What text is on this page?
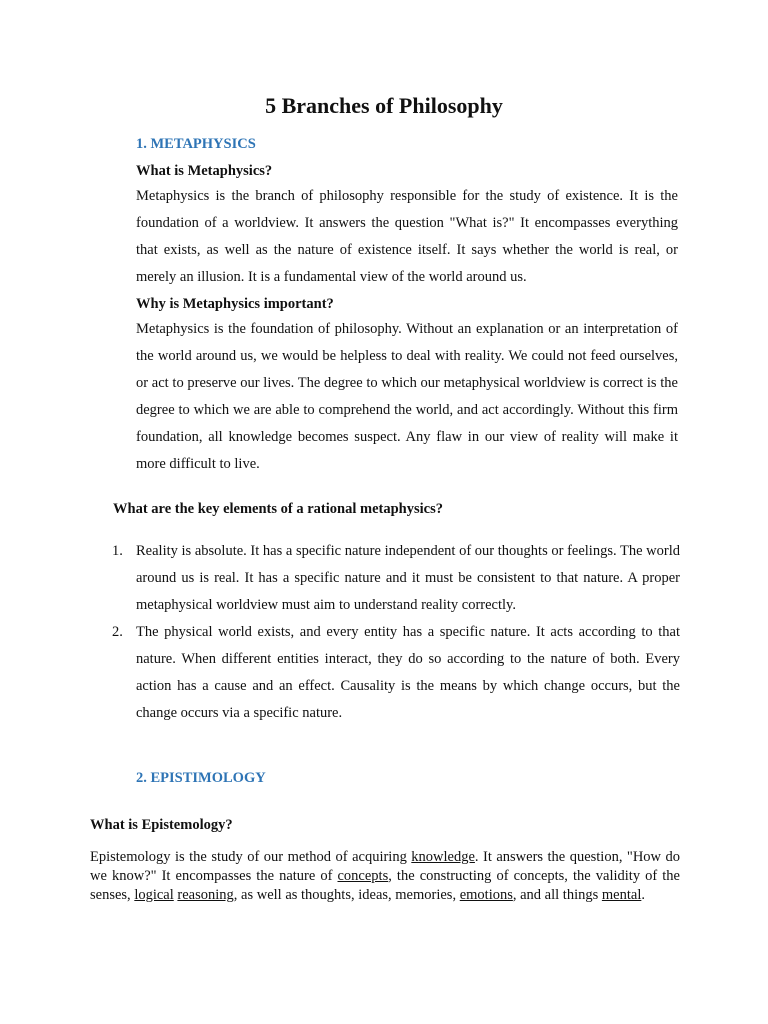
5 Branches of Philosophy
1. METAPHYSICS
What is Metaphysics?
Metaphysics is the branch of philosophy responsible for the study of existence. It is the foundation of a worldview. It answers the question "What is?" It encompasses everything that exists, as well as the nature of existence itself. It says whether the world is real, or merely an illusion. It is a fundamental view of the world around us.
Why is Metaphysics important?
Metaphysics is the foundation of philosophy. Without an explanation or an interpretation of the world around us, we would be helpless to deal with reality. We could not feed ourselves, or act to preserve our lives. The degree to which our metaphysical worldview is correct is the degree to which we are able to comprehend the world, and act accordingly. Without this firm foundation, all knowledge becomes suspect. Any flaw in our view of reality will make it more difficult to live.
What are the key elements of a rational metaphysics?
1. Reality is absolute. It has a specific nature independent of our thoughts or feelings. The world around us is real. It has a specific nature and it must be consistent to that nature. A proper metaphysical worldview must aim to understand reality correctly.
2. The physical world exists, and every entity has a specific nature. It acts according to that nature. When different entities interact, they do so according to the nature of both. Every action has a cause and an effect. Causality is the means by which change occurs, but the change occurs via a specific nature.
2. EPISTIMOLOGY
What is Epistemology?
Epistemology is the study of our method of acquiring knowledge. It answers the question, "How do we know?" It encompasses the nature of concepts, the constructing of concepts, the validity of the senses, logical reasoning, as well as thoughts, ideas, memories, emotions, and all things mental.
